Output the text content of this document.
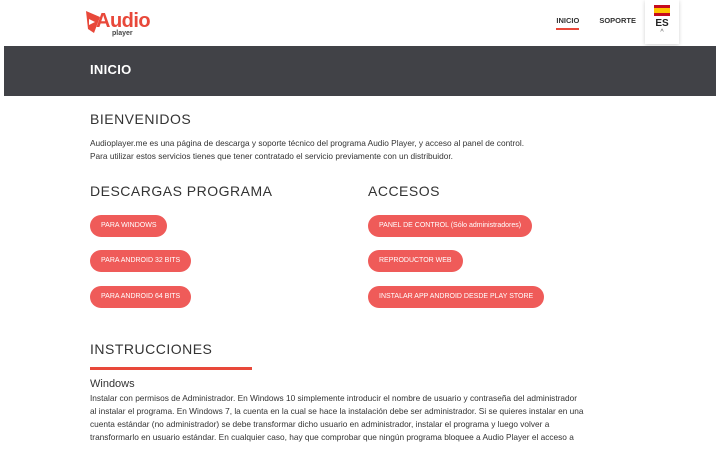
Audio
player
INICIO	SOPORTE	ES
^
INICIO
BIENVENIDOS
Audioplayer.me es una página de descarga y soporte técnico del programa Audio Player, y acceso al panel de control.
Para utilizar estos servicios tienes que tener contratado el servicio previamente con un distribuidor.
DESCARGAS PROGRAMA
PARA WINDOWS
PARA ANDROID 32 BITS
PARA ANDROID 64 BITS
ACCESOS
PANEL DE CONTROL (Sólo administradores)
REPRODUCTOR WEB
INSTALAR APP ANDROID DESDE PLAY STORE
INSTRUCCIONES
Windows
Instalar con permisos de Administrador. En Windows 10 simplemente introducir el nombre de usuario y contraseña del administrador
al instalar el programa. En Windows 7, la cuenta en la cual se hace la instalación debe ser administrador. Si se quieres instalar en una
cuenta estándar (no administrador) se debe transformar dicho usuario en administrador, instalar el programa y luego volver a
transformarlo en usuario estándar. En cualquier caso, hay que comprobar que ningún programa bloquee a Audio Player el acceso a
